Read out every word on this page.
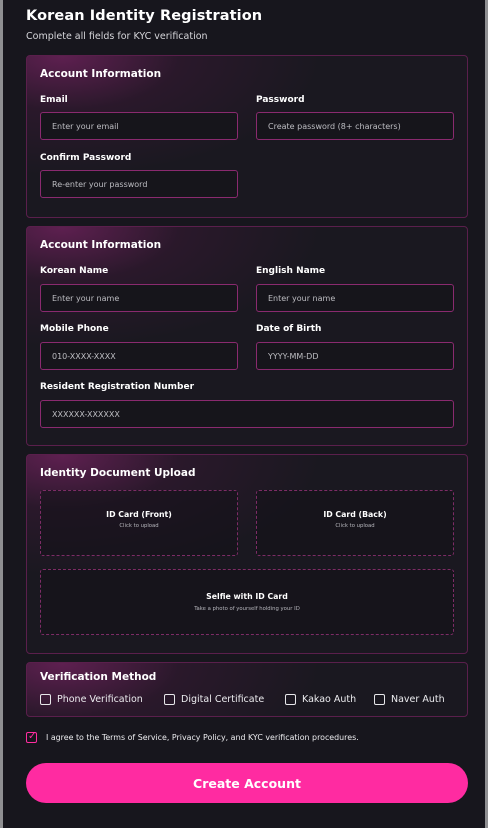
Korean Identity Registration
Complete all fields for KYC verification
Account Information
Email
Enter your email
Password
Create password (8+ characters)
Confirm Password
Re-enter your password
Account Information
Korean Name
Enter your name
English Name
Enter your name
Mobile Phone
010-XXXX-XXXX
Date of Birth
YYYY-MM-DD
Resident Registration Number
XXXXXX-XXXXXX
Identity Document Upload
ID Card (Front)
Click to upload
ID Card (Back)
Click to upload
Selfie with ID Card
Take a photo of yourself holding your ID
Verification Method
Phone Verification	Digital Certificate	Kakao Auth	Naver Auth
✓ I agree to the Terms of Service, Privacy Policy, and KYC verification procedures.
Create Account
